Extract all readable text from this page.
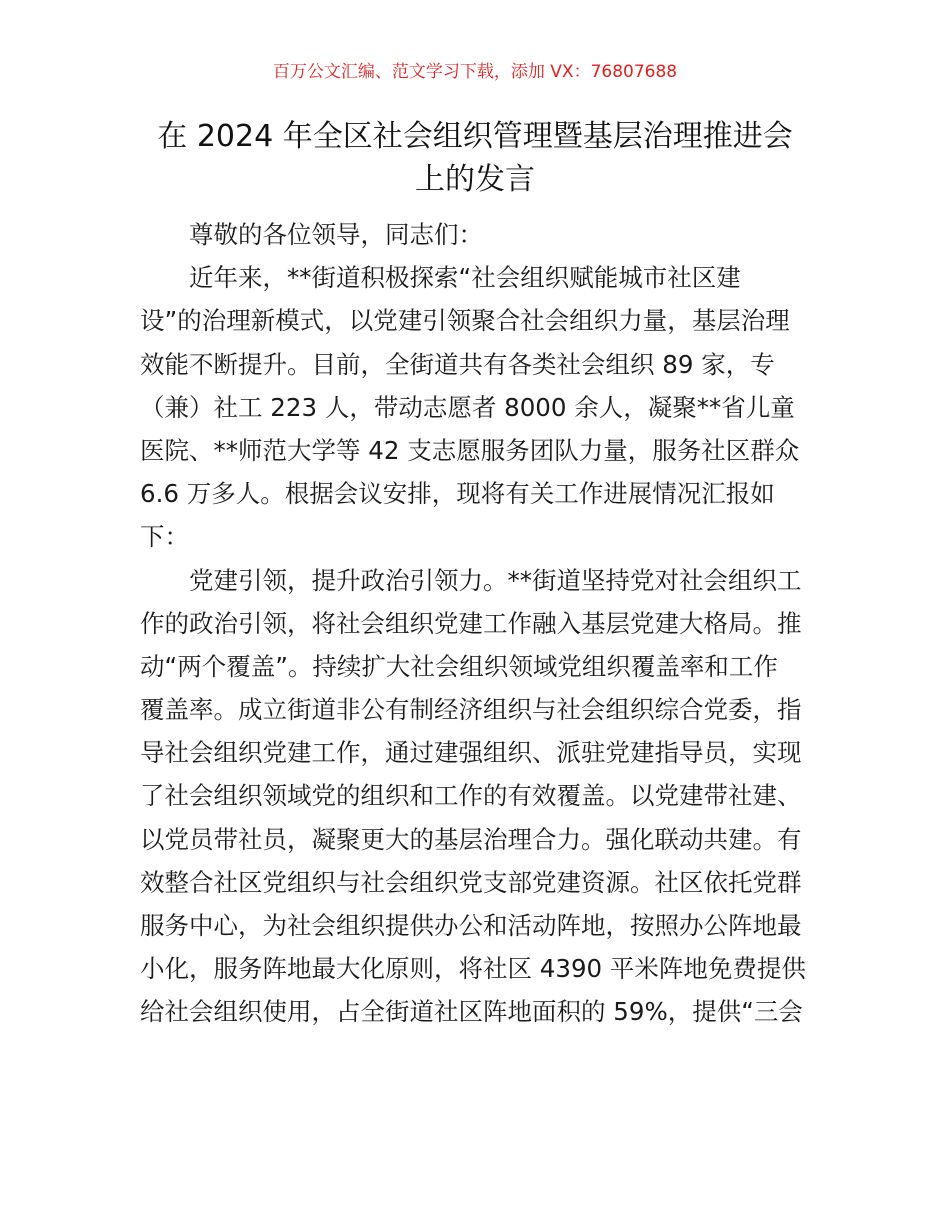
百万公文汇编、范文学习下载，添加 VX：76807688
在 2024 年全区社会组织管理暨基层治理推进会
上的发言
尊敬的各位领导，同志们：
近年来，**街道积极探索“社会组织赋能城市社区建
设”的治理新模式，以党建引领聚合社会组织力量，基层治理
效能不断提升。目前，全街道共有各类社会组织 89 家，专
（兼）社工 223 人，带动志愿者 8000 余人，凝聚**省儿童
医院、**师范大学等 42 支志愿服务团队力量，服务社区群众
6.6 万多人。根据会议安排，现将有关工作进展情况汇报如
下：
党建引领，提升政治引领力。**街道坚持党对社会组织工
作的政治引领，将社会组织党建工作融入基层党建大格局。推
动“两个覆盖”。持续扩大社会组织领域党组织覆盖率和工作
覆盖率。成立街道非公有制经济组织与社会组织综合党委，指
导社会组织党建工作，通过建强组织、派驻党建指导员，实现
了社会组织领域党的组织和工作的有效覆盖。以党建带社建、
以党员带社员，凝聚更大的基层治理合力。强化联动共建。有
效整合社区党组织与社会组织党支部党建资源。社区依托党群
服务中心，为社会组织提供办公和活动阵地，按照办公阵地最
小化，服务阵地最大化原则，将社区 4390 平米阵地免费提供
给社会组织使用，占全街道社区阵地面积的 59%，提供“三会
